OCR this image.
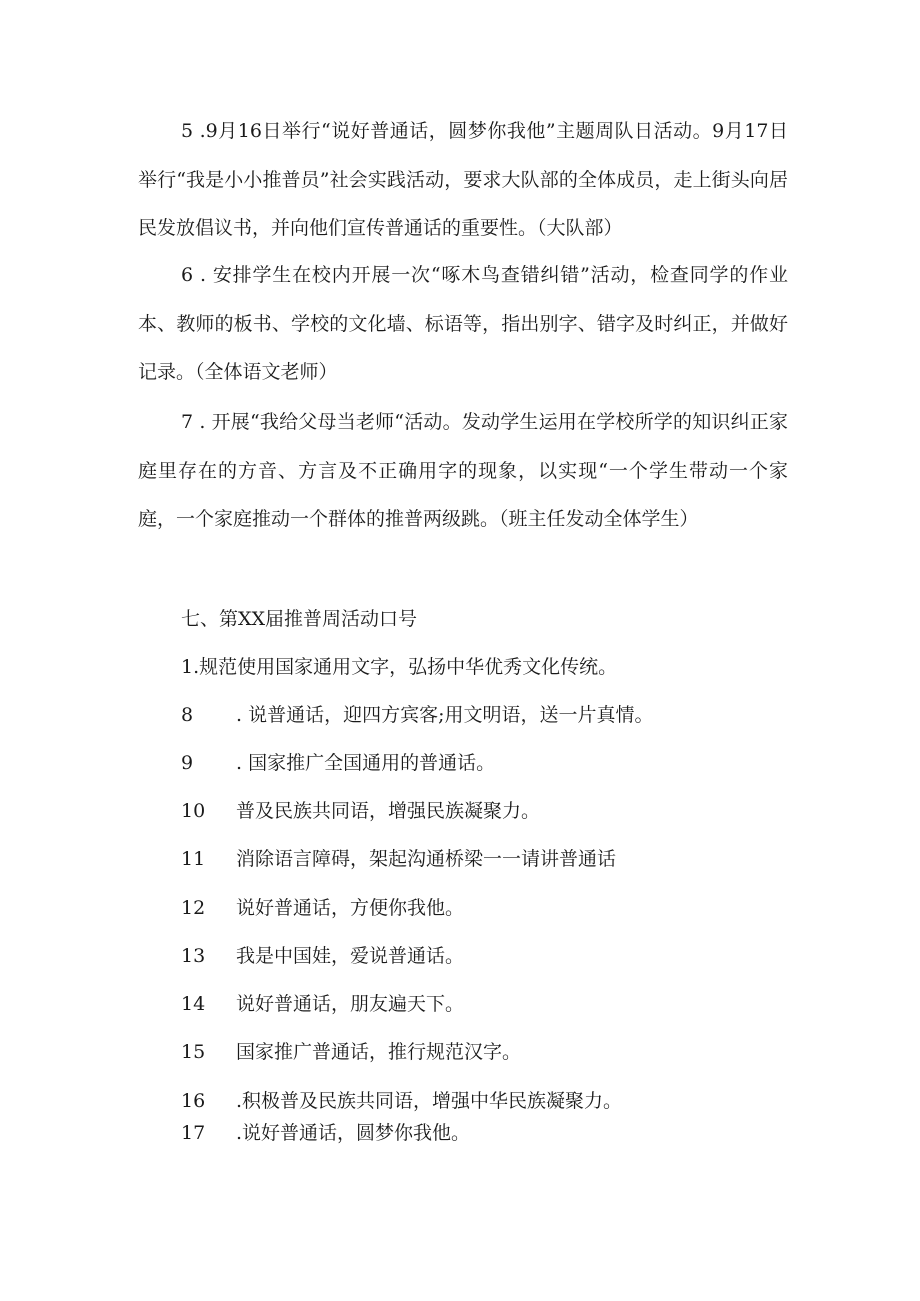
5 .9月16日举行“说好普通话，圆梦你我他”主题周队日活动。9月17日举行“我是小小推普员”社会实践活动，要求大队部的全体成员，走上街头向居民发放倡议书，并向他们宣传普通话的重要性。（大队部）

6 . 安排学生在校内开展一次“啄木鸟查错纠错”活动，检查同学的作业本、教师的板书、学校的文化墙、标语等，指出别字、错字及时纠正，并做好记录。（全体语文老师）

7 . 开展“我给父母当老师“活动。发动学生运用在学校所学的知识纠正家庭里存在的方音、方言及不正确用字的现象，以实现“一个学生带动一个家庭，一个家庭推动一个群体的推普两级跳。（班主任发动全体学生）

七、第XX届推普周活动口号

1.规范使用国家通用文字，弘扬中华优秀文化传统。

8 . 说普通话，迎四方宾客;用文明语，送一片真情。

9 . 国家推广全国通用的普通话。

10 普及民族共同语，增强民族凝聚力。

11 消除语言障碍，架起沟通桥梁一一请讲普通话

12 说好普通话，方便你我他。

13 我是中国娃，爱说普通话。

14 说好普通话，朋友遍天下。

15 国家推广普通话，推行规范汉字。

16 .积极普及民族共同语，增强中华民族凝聚力。

17 .说好普通话，圆梦你我他。
